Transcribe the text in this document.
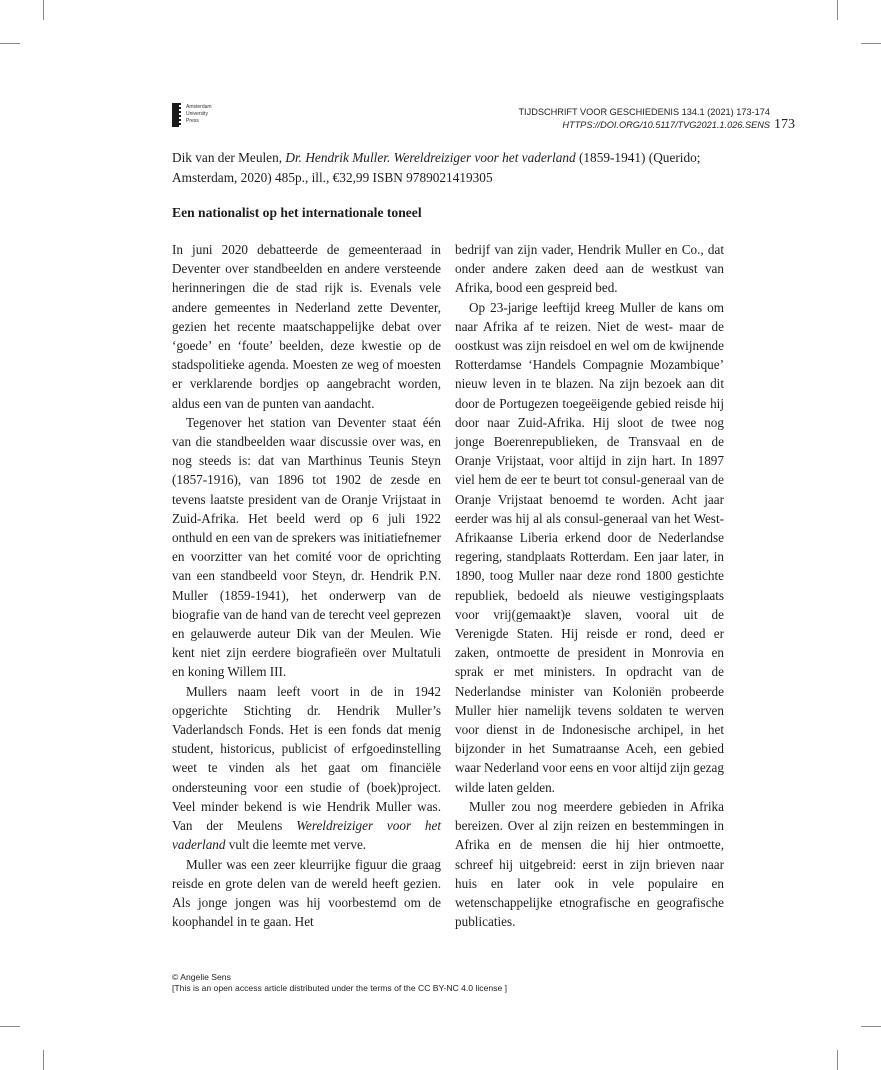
Amsterdam
University
Press
TIJDSCHRIFT VOOR GESCHIEDENIS 134.1 (2021) 173-174
HTTPS://DOI.ORG/10.5117/TVG2021.1.026.SENS 173
Dik van der Meulen, Dr. Hendrik Muller. Wereldreiziger voor het vaderland (1859-1941) (Querido; Amsterdam, 2020) 485p., ill., €32,99 ISBN 9789021419305
Een nationalist op het internationale toneel

In juni 2020 debatteerde de gemeenteraad in Deventer over standbeelden en andere versteende herinneringen die de stad rijk is. Evenals vele andere gemeentes in Nederland zette Deventer, gezien het recente maatschappelijke debat over ‘goede’ en ‘foute’ beelden, deze kwestie op de stadspolitieke agenda. Moesten ze weg of moesten er verklarende bordjes op aangebracht worden, aldus een van de punten van aandacht.

Tegenover het station van Deventer staat één van die standbeelden waar discussie over was, en nog steeds is: dat van Marthinus Teunis Steyn (1857-1916), van 1896 tot 1902 de zesde en tevens laatste president van de Oranje Vrijstaat in Zuid-Afrika. Het beeld werd op 6 juli 1922 onthuld en een van de sprekers was initiatiefnemer en voorzitter van het comité voor de oprichting van een standbeeld voor Steyn, dr. Hendrik P.N. Muller (1859-1941), het onderwerp van de biografie van de hand van de terecht veel geprezen en gelauwerde auteur Dik van der Meulen. Wie kent niet zijn eerdere biografieën over Multatuli en koning Willem III.

Mullers naam leeft voort in de in 1942 opgerichte Stichting dr. Hendrik Muller’s Vaderlandsch Fonds. Het is een fonds dat menig student, historicus, publicist of erfgoedinstelling weet te vinden als het gaat om financiële ondersteuning voor een studie of (boek)project. Veel minder bekend is wie Hendrik Muller was. Van der Meulens Wereldreiziger voor het vaderland vult die leemte met verve.

Muller was een zeer kleurrijke figuur die graag reisde en grote delen van de wereld heeft gezien. Als jonge jongen was hij voorbestemd om de koophandel in te gaan. Het

bedrijf van zijn vader, Hendrik Muller en Co., dat onder andere zaken deed aan de westkust van Afrika, bood een gespreid bed.

Op 23-jarige leeftijd kreeg Muller de kans om naar Afrika af te reizen. Niet de west- maar de oostkust was zijn reisdoel en wel om de kwijnende Rotterdamse ‘Handels Compagnie Mozambique’ nieuw leven in te blazen. Na zijn bezoek aan dit door de Portugezen toegeëigende gebied reisde hij door naar Zuid-Afrika. Hij sloot de twee nog jonge Boerenrepublieken, de Transvaal en de Oranje Vrijstaat, voor altijd in zijn hart. In 1897 viel hem de eer te beurt tot consul-generaal van de Oranje Vrijstaat benoemd te worden. Acht jaar eerder was hij al als consul-generaal van het West-Afrikaanse Liberia erkend door de Nederlandse regering, standplaats Rotterdam. Een jaar later, in 1890, toog Muller naar deze rond 1800 gestichte republiek, bedoeld als nieuwe vestigingsplaats voor vrij(gemaakt)e slaven, vooral uit de Verenigde Staten. Hij reisde er rond, deed er zaken, ontmoette de president in Monrovia en sprak er met ministers. In opdracht van de Nederlandse minister van Koloniën probeerde Muller hier namelijk tevens soldaten te werven voor dienst in de Indonesische archipel, in het bijzonder in het Sumatraanse Aceh, een gebied waar Nederland voor eens en voor altijd zijn gezag wilde laten gelden.

Muller zou nog meerdere gebieden in Afrika bereizen. Over al zijn reizen en bestemmingen in Afrika en de mensen die hij hier ontmoette, schreef hij uitgebreid: eerst in zijn brieven naar huis en later ook in vele populaire en wetenschappelijke etnografische en geografische publicaties.

© Angelie Sens
[This is an open access article distributed under the terms of the CC BY-NC 4.0 license ]
